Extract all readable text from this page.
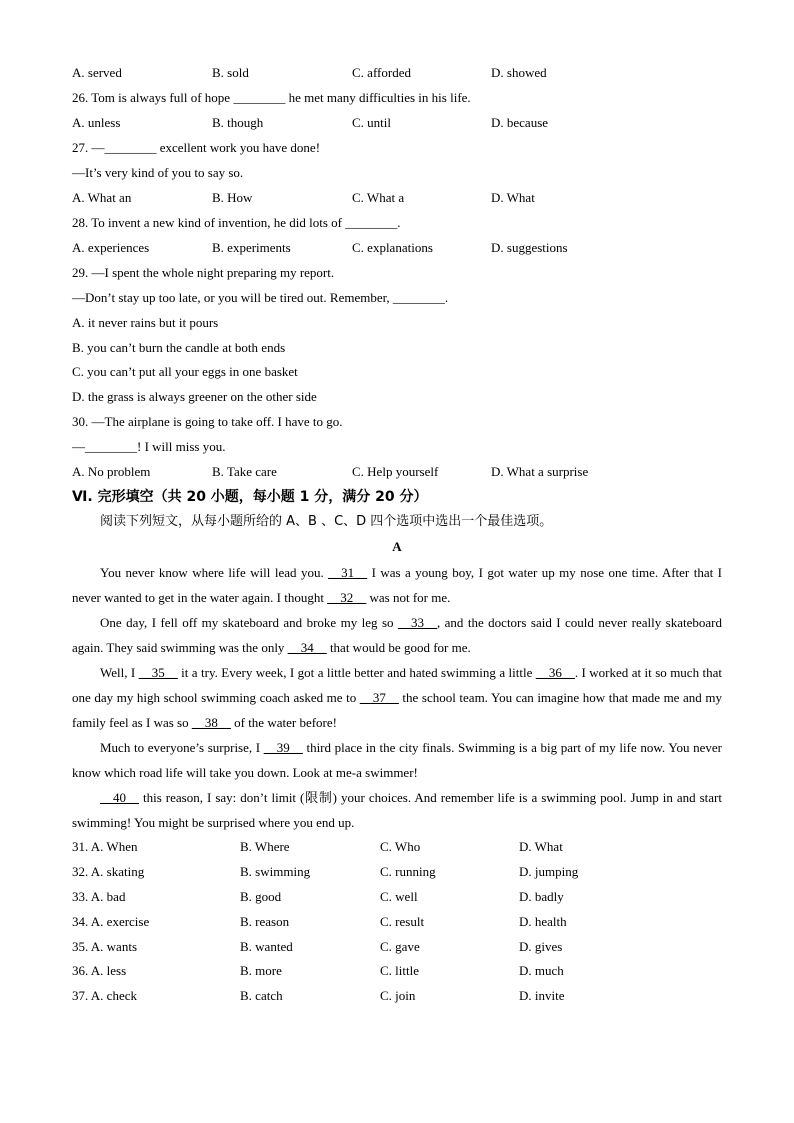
A. served	B. sold	C. afforded	D. showed
26. Tom is always full of hope ________ he met many difficulties in his life.
A. unless	B. though	C. until	D. because
27. —________ excellent work you have done!
—It’s very kind of you to say so.
A. What an	B. How	C. What a	D. What
28. To invent a new kind of invention, he did lots of ________.
A. experiences	B. experiments	C. explanations	D. suggestions
29. —I spent the whole night preparing my report.
—Don’t stay up too late, or you will be tired out. Remember, ________.
A. it never rains but it pours
B. you can’t burn the candle at both ends
C. you can’t put all your eggs in one basket
D. the grass is always greener on the other side
30. —The airplane is going to take off. I have to go.
—________! I will miss you.
A. No problem	B. Take care	C. Help yourself	D. What a surprise
Ⅵ. 完形填空（共 20 小题，每小题 1 分，满分 20 分）
阅读下列短文，从每小题所给的 A、B 、C、D 四个选项中选出一个最佳选项。
A
You never know where life will lead you. __31__ I was a young boy, I got water up my nose one time. After that I never wanted to get in the water again. I thought __32__ was not for me.
One day, I fell off my skateboard and broke my leg so __33__, and the doctors said I could never really skateboard again. They said swimming was the only __34__ that would be good for me.
Well, I __35__ it a try. Every week, I got a little better and hated swimming a little __36__. I worked at it so much that one day my high school swimming coach asked me to __37__ the school team. You can imagine how that made me and my family feel as I was so __38__ of the water before!
Much to everyone’s surprise, I __39__ third place in the city finals. Swimming is a big part of my life now. You never know which road life will take you down. Look at me-a swimmer!
__40__ this reason, I say: don’t limit (限制) your choices. And remember life is a swimming pool. Jump in and start swimming! You might be surprised where you end up.
31. A. When	B. Where	C. Who	D. What
32. A. skating	B. swimming	C. running	D. jumping
33. A. bad	B. good	C. well	D. badly
34. A. exercise	B. reason	C. result	D. health
35. A. wants	B. wanted	C. gave	D. gives
36. A. less	B. more	C. little	D. much
37. A. check	B. catch	C. join	D. invite
